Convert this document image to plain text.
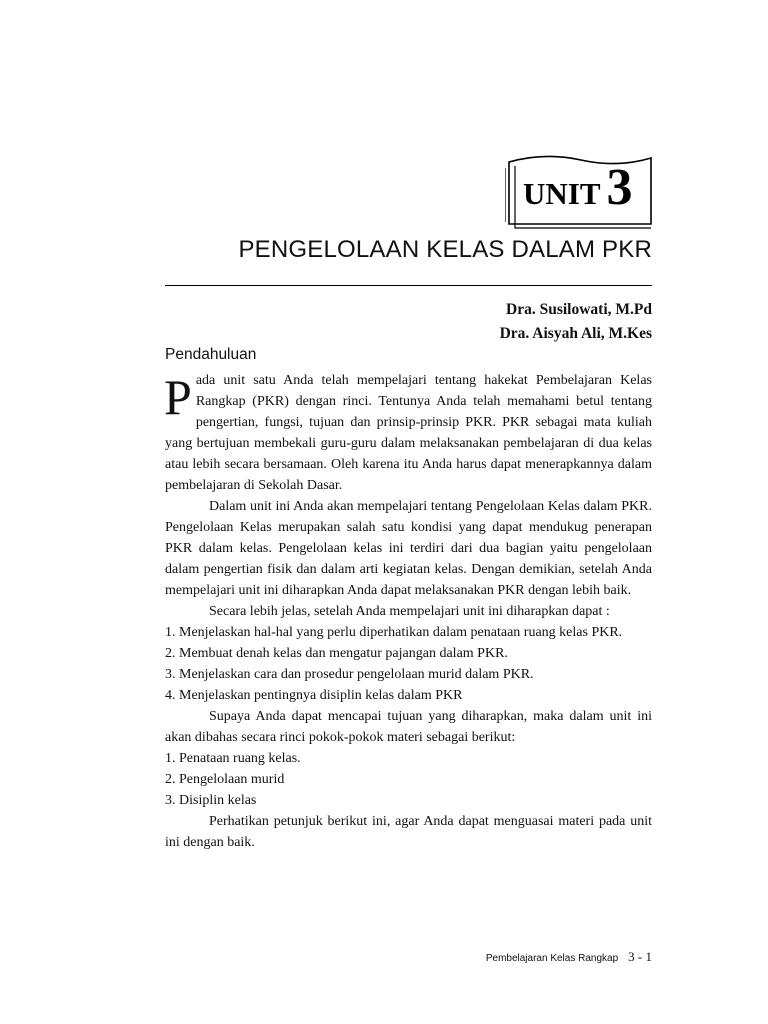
UNIT 3
PENGELOLAAN KELAS DALAM PKR
Dra. Susilowati, M.Pd
Dra. Aisyah Ali, M.Kes
Pendahuluan

Pada unit satu Anda telah mempelajari tentang hakekat Pembelajaran Kelas Rangkap (PKR) dengan rinci. Tentunya Anda telah memahami betul tentang pengertian, fungsi, tujuan dan prinsip-prinsip PKR. PKR sebagai mata kuliah yang bertujuan membekali guru-guru dalam melaksanakan pembelajaran di dua kelas atau lebih secara bersamaan. Oleh karena itu Anda harus dapat menerapkannya dalam pembelajaran di Sekolah Dasar.

Dalam unit ini Anda akan mempelajari tentang Pengelolaan Kelas dalam PKR. Pengelolaan Kelas merupakan salah satu kondisi yang dapat mendukug penerapan PKR dalam kelas. Pengelolaan kelas ini terdiri dari dua bagian yaitu pengelolaan dalam pengertian fisik dan dalam arti kegiatan kelas. Dengan demikian, setelah Anda mempelajari unit ini diharapkan Anda dapat melaksanakan PKR dengan lebih baik.

Secara lebih jelas, setelah Anda mempelajari unit ini diharapkan dapat :

1. Menjelaskan hal-hal yang perlu diperhatikan dalam penataan ruang kelas PKR.
2. Membuat denah kelas dan mengatur pajangan dalam PKR.
3. Menjelaskan cara dan prosedur pengelolaan murid dalam PKR.
4. Menjelaskan pentingnya disiplin kelas dalam PKR

Supaya Anda dapat mencapai tujuan yang diharapkan, maka dalam unit ini akan dibahas secara rinci pokok-pokok materi sebagai berikut:

1. Penataan ruang kelas.
2. Pengelolaan murid
3. Disiplin kelas

Perhatikan petunjuk berikut ini, agar Anda dapat menguasai materi pada unit ini dengan baik.

Pembelajaran Kelas Rangkap 3 - 1
